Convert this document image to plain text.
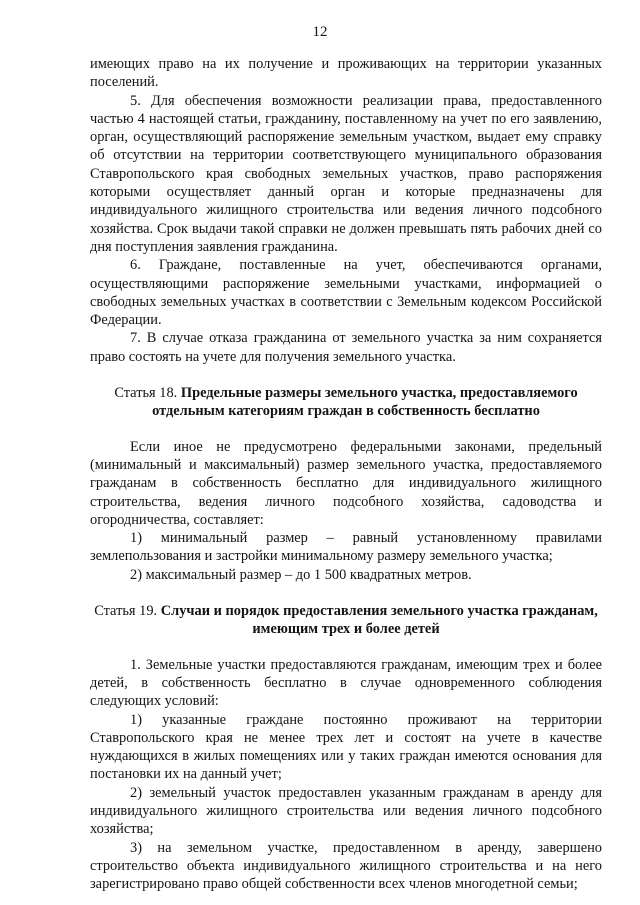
12

имеющих право на их получение и проживающих на территории указанных поселений.

5. Для обеспечения возможности реализации права, предоставленного частью 4 настоящей статьи, гражданину, поставленному на учет по его заявлению, орган, осуществляющий распоряжение земельным участком, выдает ему справку об отсутствии на территории соответствующего муниципального образования Ставропольского края свободных земельных участков, право распоряжения которыми осуществляет данный орган и которые предназначены для индивидуального жилищного строительства или ведения личного подсобного хозяйства. Срок выдачи такой справки не должен превышать пять рабочих дней со дня поступления заявления гражданина.

6. Граждане, поставленные на учет, обеспечиваются органами, осуществляющими распоряжение земельными участками, информацией о свободных земельных участках в соответствии с Земельным кодексом Российской Федерации.

7. В случае отказа гражданина от земельного участка за ним сохраняется право состоять на учете для получения земельного участка.

Статья 18. Предельные размеры земельного участка, предоставляемого отдельным категориям граждан в собственность бесплатно

Если иное не предусмотрено федеральными законами, предельный (минимальный и максимальный) размер земельного участка, предоставляемого гражданам в собственность бесплатно для индивидуального жилищного строительства, ведения личного подсобного хозяйства, садоводства и огородничества, составляет:

1) минимальный размер – равный установленному правилами землепользования и застройки минимальному размеру земельного участка;

2) максимальный размер – до 1 500 квадратных метров.

Статья 19. Случаи и порядок предоставления земельного участка гражданам, имеющим трех и более детей

1. Земельные участки предоставляются гражданам, имеющим трех и более детей, в собственность бесплатно в случае одновременного соблюдения следующих условий:

1) указанные граждане постоянно проживают на территории Ставропольского края не менее трех лет и состоят на учете в качестве нуждающихся в жилых помещениях или у таких граждан имеются основания для постановки их на данный учет;

2) земельный участок предоставлен указанным гражданам в аренду для индивидуального жилищного строительства или ведения личного подсобного хозяйства;

3) на земельном участке, предоставленном в аренду, завершено строительство объекта индивидуального жилищного строительства и на него зарегистрировано право общей собственности всех членов многодетной семьи;
